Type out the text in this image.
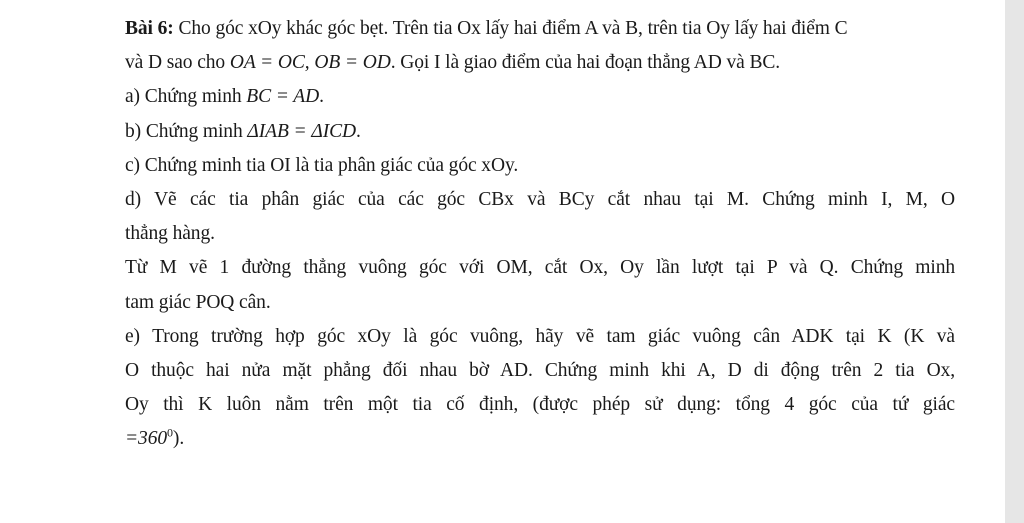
Bài 6: Cho góc xOy khác góc bẹt. Trên tia Ox lấy hai điểm A và B, trên tia Oy lấy hai điểm C
và D sao cho OA = OC, OB = OD. Gọi I là giao điểm của hai đoạn thẳng AD và BC.
a) Chứng minh BC = AD.
b) Chứng minh ΔIAB = ΔICD.
c) Chứng minh tia OI là tia phân giác của góc xOy.
d) Vẽ các tia phân giác của các góc CBx và BCy cắt nhau tại M. Chứng minh I, M, O
thẳng hàng.
Từ M vẽ 1 đường thẳng vuông góc với OM, cắt Ox, Oy lần lượt tại P và Q. Chứng minh
tam giác POQ cân.
e) Trong trường hợp góc xOy là góc vuông, hãy vẽ tam giác vuông cân ADK tại K (K và
O thuộc hai nửa mặt phẳng đối nhau bờ AD. Chứng minh khi A, D di động trên 2 tia Ox,
Oy thì K luôn nằm trên một tia cố định, (được phép sử dụng: tổng 4 góc của tứ giác
$=360^0$).
